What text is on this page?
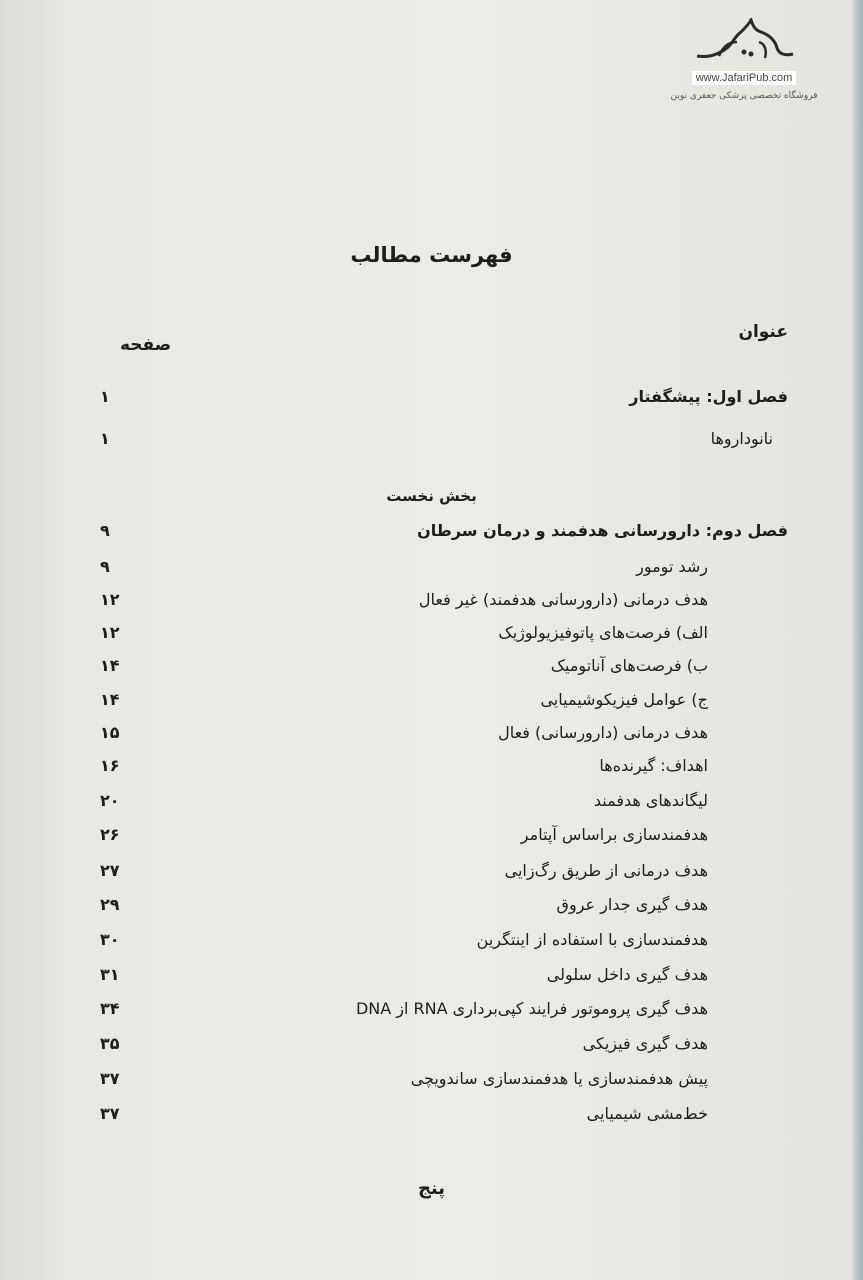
www.JafariPub.com
فروشگاه تخصصی پزشکی جعفری نوین
فهرست مطالب
عنوان
صفحه
فصل اول: پیشگفتار
۱
نانوداروها
۱
بخش نخست
فصل دوم: دارورسانی هدفمند و درمان سرطان
۹
رشد تومور
۹
هدف درمانی (دارورسانی هدفمند) غیر فعال
۱۲
الف) فرصت‌های پاتوفیزیولوژیک
۱۲
ب) فرصت‌های آناتومیک
۱۴
ج) عوامل فیزیکوشیمیایی
۱۴
هدف درمانی (دارورسانی) فعال
۱۵
اهداف: گیرنده‌ها
۱۶
لیگاندهای هدفمند
۲۰
هدفمندسازی براساس آپتامر
۲۶
هدف درمانی از طریق رگ‌زایی
۲۷
هدف گیری جدار عروق
۲۹
هدفمندسازی با استفاده از اینتگرین
۳۰
هدف گیری داخل سلولی
۳۱
هدف گیری پروموتور فرایند کپی‌برداری RNA از DNA
۳۴
هدف گیری فیزیکی
۳۵
پیش هدفمندسازی یا هدفمندسازی ساندویچی
۳۷
خط‌مشی شیمیایی
۳۷
پنج
